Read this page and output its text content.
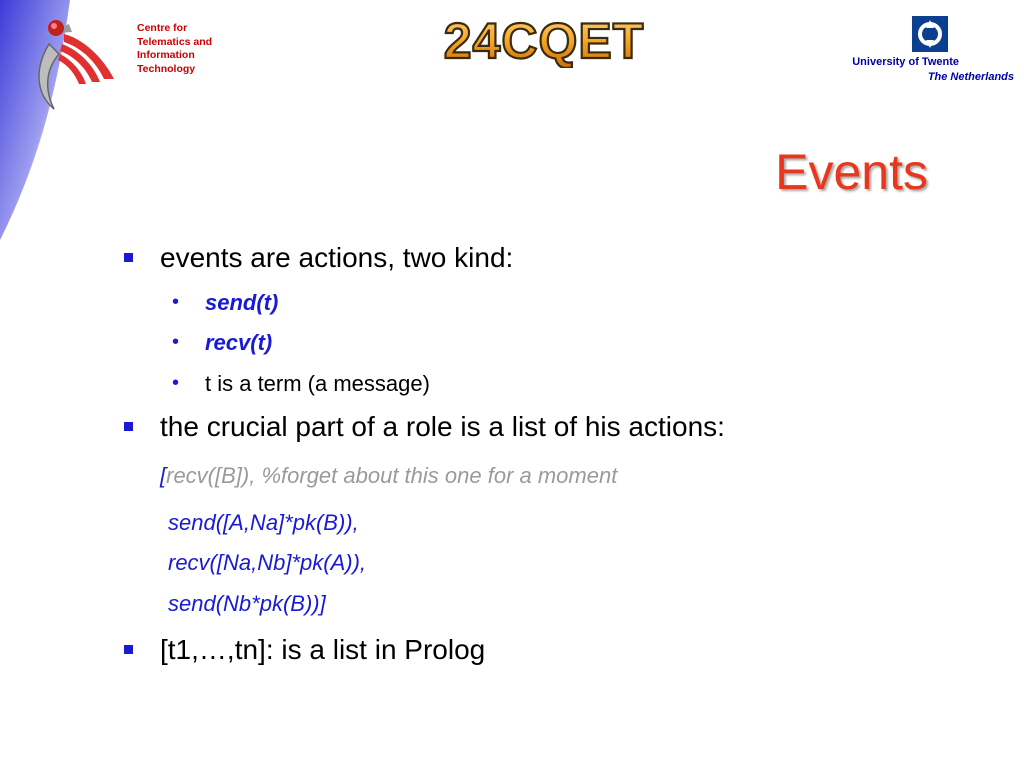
Centre for
Telematics and
Information
Technology	24CQET	University of Twente
The Netherlands
Events
events are actions, two kind:
• send(t)
• recv(t)
• t is a term (a message)
the crucial part of a role is a list of his actions:
[recv([B]), %forget about this one for a moment
send([A,Na]*pk(B)),
recv([Na,Nb]*pk(A)),
send(Nb*pk(B))]
[t1,…,tn]: is a list in Prolog
